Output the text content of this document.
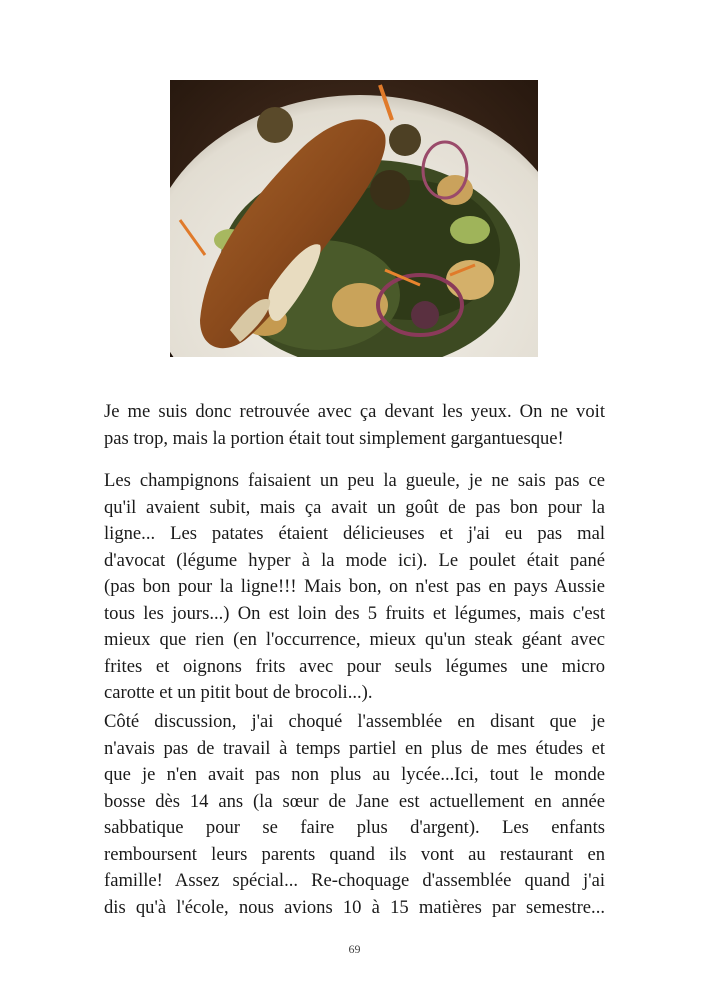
Je me suis donc retrouvée avec ça devant les yeux. On ne voit
pas trop, mais la portion était tout simplement gargantuesque!

Les champignons faisaient un peu la gueule, je ne sais pas ce
qu'il avaient subit, mais ça avait un goût de pas bon pour la
ligne... Les patates étaient délicieuses et j'ai eu pas mal
d'avocat (légume hyper à la mode ici). Le poulet était pané
(pas bon pour la ligne!!! Mais bon, on n'est pas en pays Aussie
tous les jours...) On est loin des 5 fruits et légumes, mais c'est
mieux que rien (en l'occurrence, mieux qu'un steak géant avec
frites et oignons frits avec pour seuls légumes une micro
carotte et un pitit bout de brocoli...).

Côté discussion, j'ai choqué l'assemblée en disant que je
n'avais pas de travail à temps partiel en plus de mes études et
que je n'en avait pas non plus au lycée...Ici, tout le monde
bosse dès 14 ans (la sœur de Jane est actuellement en année
sabbatique pour se faire plus d'argent). Les enfants
remboursent leurs parents quand ils vont au restaurant en
famille! Assez spécial... Re-choquage d'assemblée quand j'ai
dis qu'à l'école, nous avions 10 à 15 matières par semestre...

69
